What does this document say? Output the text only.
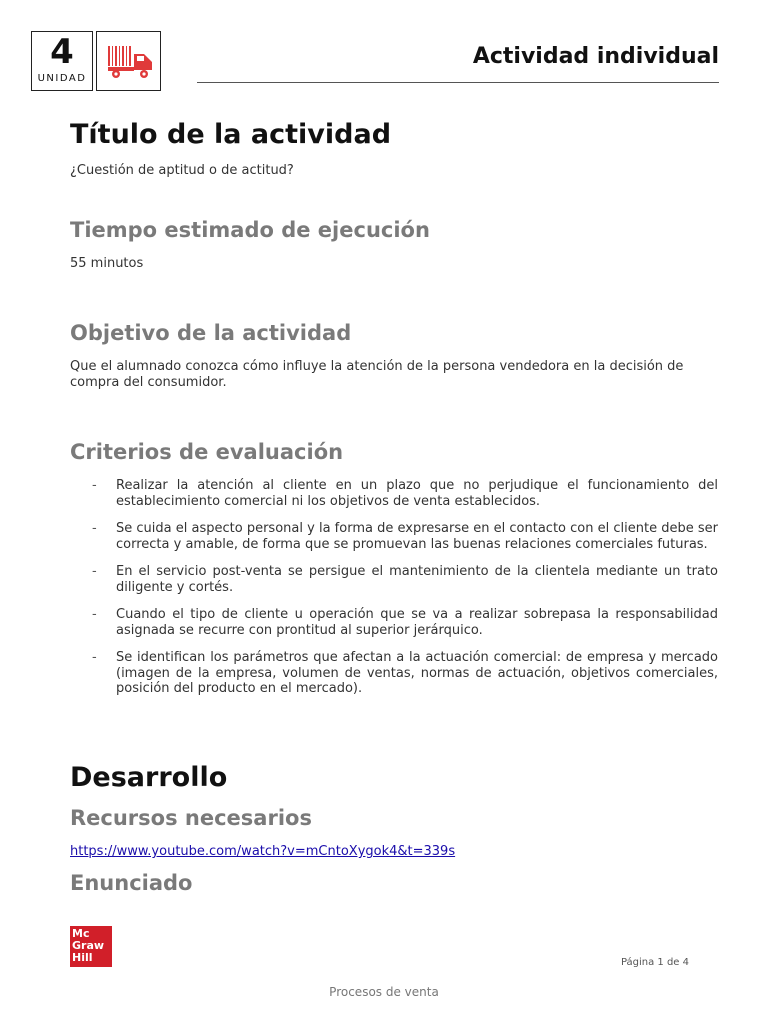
4
UNIDAD
Actividad individual
Título de la actividad

¿Cuestión de aptitud o de actitud?

Tiempo estimado de ejecución

55 minutos

Objetivo de la actividad

Que el alumnado conozca cómo influye la atención de la persona vendedora en la decisión de compra del consumidor.

Criterios de evaluación
- Realizar la atención al cliente en un plazo que no perjudique el funcionamiento del establecimiento comercial ni los objetivos de venta establecidos.
- Se cuida el aspecto personal y la forma de expresarse en el contacto con el cliente debe ser correcta y amable, de forma que se promuevan las buenas relaciones comerciales futuras.
- En el servicio post-venta se persigue el mantenimiento de la clientela mediante un trato diligente y cortés.
- Cuando el tipo de cliente u operación que se va a realizar sobrepasa la responsabilidad asignada se recurre con prontitud al superior jerárquico.
- Se identifican los parámetros que afectan a la actuación comercial: de empresa y mercado (imagen de la empresa, volumen de ventas, normas de actuación, objetivos comerciales, posición del producto en el mercado).
Desarrollo
Recursos necesarios
https://www.youtube.com/watch?v=mCntoXygok4&t=339s
Enunciado
Mc
Graw
Hill	Página 1 de 4
Procesos de venta
